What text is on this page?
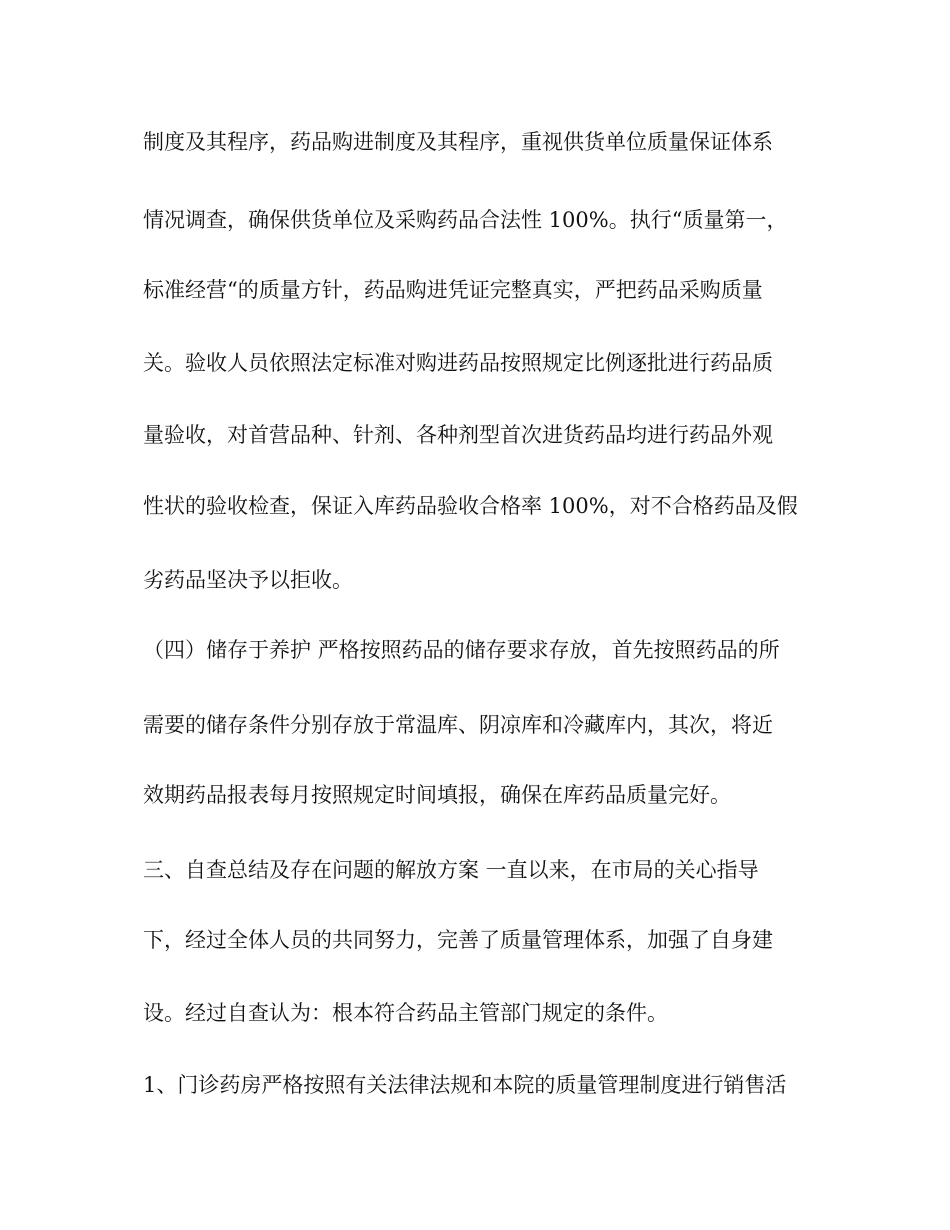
制度及其程序，药品购进制度及其程序，重视供货单位质量保证体系

情况调查，确保供货单位及采购药品合法性 100%。执行“质量第一，

标准经营“的质量方针，药品购进凭证完整真实，严把药品采购质量

关。验收人员依照法定标准对购进药品按照规定比例逐批进行药品质

量验收，对首营品种、针剂、各种剂型首次进货药品均进行药品外观

性状的验收检查，保证入库药品验收合格率 100%，对不合格药品及假

劣药品坚决予以拒收。

（四）储存于养护 严格按照药品的储存要求存放，首先按照药品的所

需要的储存条件分别存放于常温库、阴凉库和冷藏库内，其次，将近

效期药品报表每月按照规定时间填报，确保在库药品质量完好。

三、自查总结及存在问题的解放方案 一直以来，在市局的关心指导

下，经过全体人员的共同努力，完善了质量管理体系，加强了自身建

设。经过自查认为：根本符合药品主管部门规定的条件。

1、门诊药房严格按照有关法律法规和本院的质量管理制度进行销售活
